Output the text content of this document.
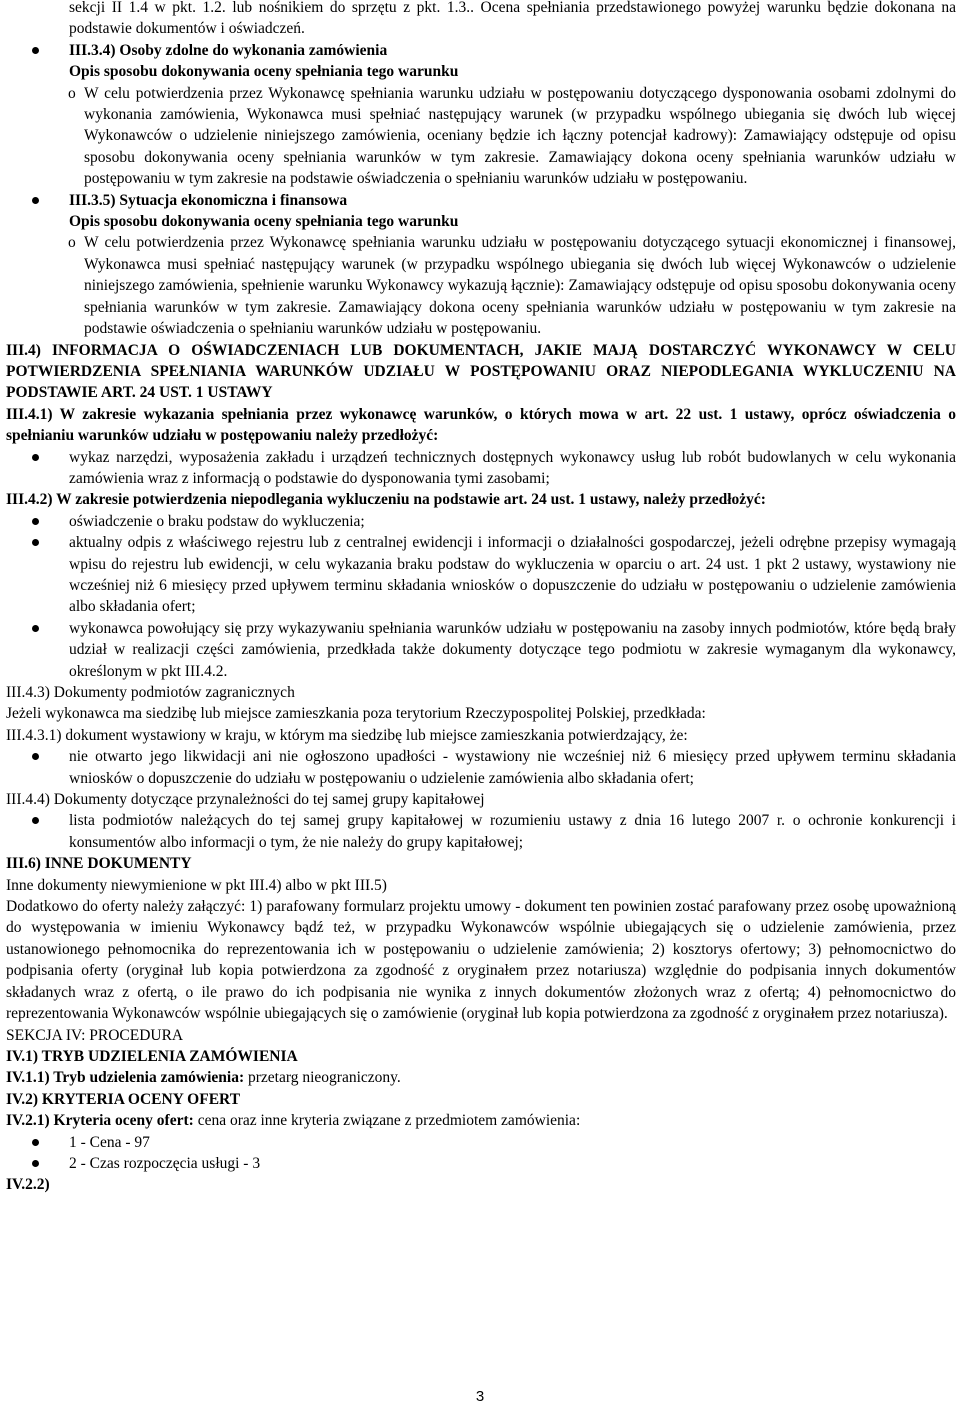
sekcji II 1.4 w pkt. 1.2. lub nośnikiem do sprzętu z pkt. 1.3.. Ocena spełniania przedstawionego powyżej warunku będzie dokonana na podstawie dokumentów i oświadczeń.

III.3.4) Osoby zdolne do wykonania zamówienia

Opis sposobu dokonywania oceny spełniania tego warunku

o W celu potwierdzenia przez Wykonawcę spełniania warunku udziału w postępowaniu dotyczącego dysponowania osobami zdolnymi do wykonania zamówienia, Wykonawca musi spełniać następujący warunek (w przypadku wspólnego ubiegania się dwóch lub więcej Wykonawców o udzielenie niniejszego zamówienia, oceniany będzie ich łączny potencjał kadrowy): Zamawiający odstępuje od opisu sposobu dokonywania oceny spełniania warunków w tym zakresie. Zamawiający dokona oceny spełniania warunków udziału w postępowaniu w tym zakresie na podstawie oświadczenia o spełnianiu warunków udziału w postępowaniu.

III.3.5) Sytuacja ekonomiczna i finansowa

Opis sposobu dokonywania oceny spełniania tego warunku

o W celu potwierdzenia przez Wykonawcę spełniania warunku udziału w postępowaniu dotyczącego sytuacji ekonomicznej i finansowej, Wykonawca musi spełniać następujący warunek (w przypadku wspólnego ubiegania się dwóch lub więcej Wykonawców o udzielenie niniejszego zamówienia, spełnienie warunku Wykonawcy wykazują łącznie): Zamawiający odstępuje od opisu sposobu dokonywania oceny spełniania warunków w tym zakresie. Zamawiający dokona oceny spełniania warunków udziału w postępowaniu w tym zakresie na podstawie oświadczenia o spełnianiu warunków udziału w postępowaniu.

III.4) INFORMACJA O OŚWIADCZENIACH LUB DOKUMENTACH, JAKIE MAJĄ DOSTARCZYĆ WYKONAWCY W CELU POTWIERDZENIA SPEŁNIANIA WARUNKÓW UDZIAŁU W POSTĘPOWANIU ORAZ NIEPODLEGANIA WYKLUCZENIU NA PODSTAWIE ART. 24 UST. 1 USTAWY

III.4.1) W zakresie wykazania spełniania przez wykonawcę warunków, o których mowa w art. 22 ust. 1 ustawy, oprócz oświadczenia o spełnianiu warunków udziału w postępowaniu należy przedłożyć:

wykaz narzędzi, wyposażenia zakładu i urządzeń technicznych dostępnych wykonawcy usług lub robót budowlanych w celu wykonania zamówienia wraz z informacją o podstawie do dysponowania tymi zasobami;

III.4.2) W zakresie potwierdzenia niepodlegania wykluczeniu na podstawie art. 24 ust. 1 ustawy, należy przedłożyć:

oświadczenie o braku podstaw do wykluczenia;
aktualny odpis z właściwego rejestru lub z centralnej ewidencji i informacji o działalności gospodarczej, jeżeli odrębne przepisy wymagają wpisu do rejestru lub ewidencji, w celu wykazania braku podstaw do wykluczenia w oparciu o art. 24 ust. 1 pkt 2 ustawy, wystawiony nie wcześniej niż 6 miesięcy przed upływem terminu składania wniosków o dopuszczenie do udziału w postępowaniu o udzielenie zamówienia albo składania ofert;
wykonawca powołujący się przy wykazywaniu spełniania warunków udziału w postępowaniu na zasoby innych podmiotów, które będą brały udział w realizacji części zamówienia, przedkłada także dokumenty dotyczące tego podmiotu w zakresie wymaganym dla wykonawcy, określonym w pkt III.4.2.

III.4.3) Dokumenty podmiotów zagranicznych

Jeżeli wykonawca ma siedzibę lub miejsce zamieszkania poza terytorium Rzeczypospolitej Polskiej, przedkłada:

III.4.3.1) dokument wystawiony w kraju, w którym ma siedzibę lub miejsce zamieszkania potwierdzający, że:

nie otwarto jego likwidacji ani nie ogłoszono upadłości - wystawiony nie wcześniej niż 6 miesięcy przed upływem terminu składania wniosków o dopuszczenie do udziału w postępowaniu o udzielenie zamówienia albo składania ofert;

III.4.4) Dokumenty dotyczące przynależności do tej samej grupy kapitałowej

lista podmiotów należących do tej samej grupy kapitałowej w rozumieniu ustawy z dnia 16 lutego 2007 r. o ochronie konkurencji i konsumentów albo informacji o tym, że nie należy do grupy kapitałowej;

III.6) INNE DOKUMENTY

Inne dokumenty niewymienione w pkt III.4) albo w pkt III.5)

Dodatkowo do oferty należy załączyć: 1) parafowany formularz projektu umowy - dokument ten powinien zostać parafowany przez osobę upoważnioną do występowania w imieniu Wykonawcy bądź też, w przypadku Wykonawców wspólnie ubiegających się o udzielenie zamówienia, przez ustanowionego pełnomocnika do reprezentowania ich w postępowaniu o udzielenie zamówienia; 2) kosztorys ofertowy; 3) pełnomocnictwo do podpisania oferty (oryginał lub kopia potwierdzona za zgodność z oryginałem przez notariusza) względnie do podpisania innych dokumentów składanych wraz z ofertą, o ile prawo do ich podpisania nie wynika z innych dokumentów złożonych wraz z ofertą; 4) pełnomocnictwo do reprezentowania Wykonawców wspólnie ubiegających się o zamówienie (oryginał lub kopia potwierdzona za zgodność z oryginałem przez notariusza).

SEKCJA IV: PROCEDURA

IV.1) TRYB UDZIELENIA ZAMÓWIENIA

IV.1.1) Tryb udzielenia zamówienia: przetarg nieograniczony.

IV.2) KRYTERIA OCENY OFERT

IV.2.1) Kryteria oceny ofert: cena oraz inne kryteria związane z przedmiotem zamówienia:

1 - Cena - 97
2 - Czas rozpoczęcia usługi - 3

IV.2.2)

3
